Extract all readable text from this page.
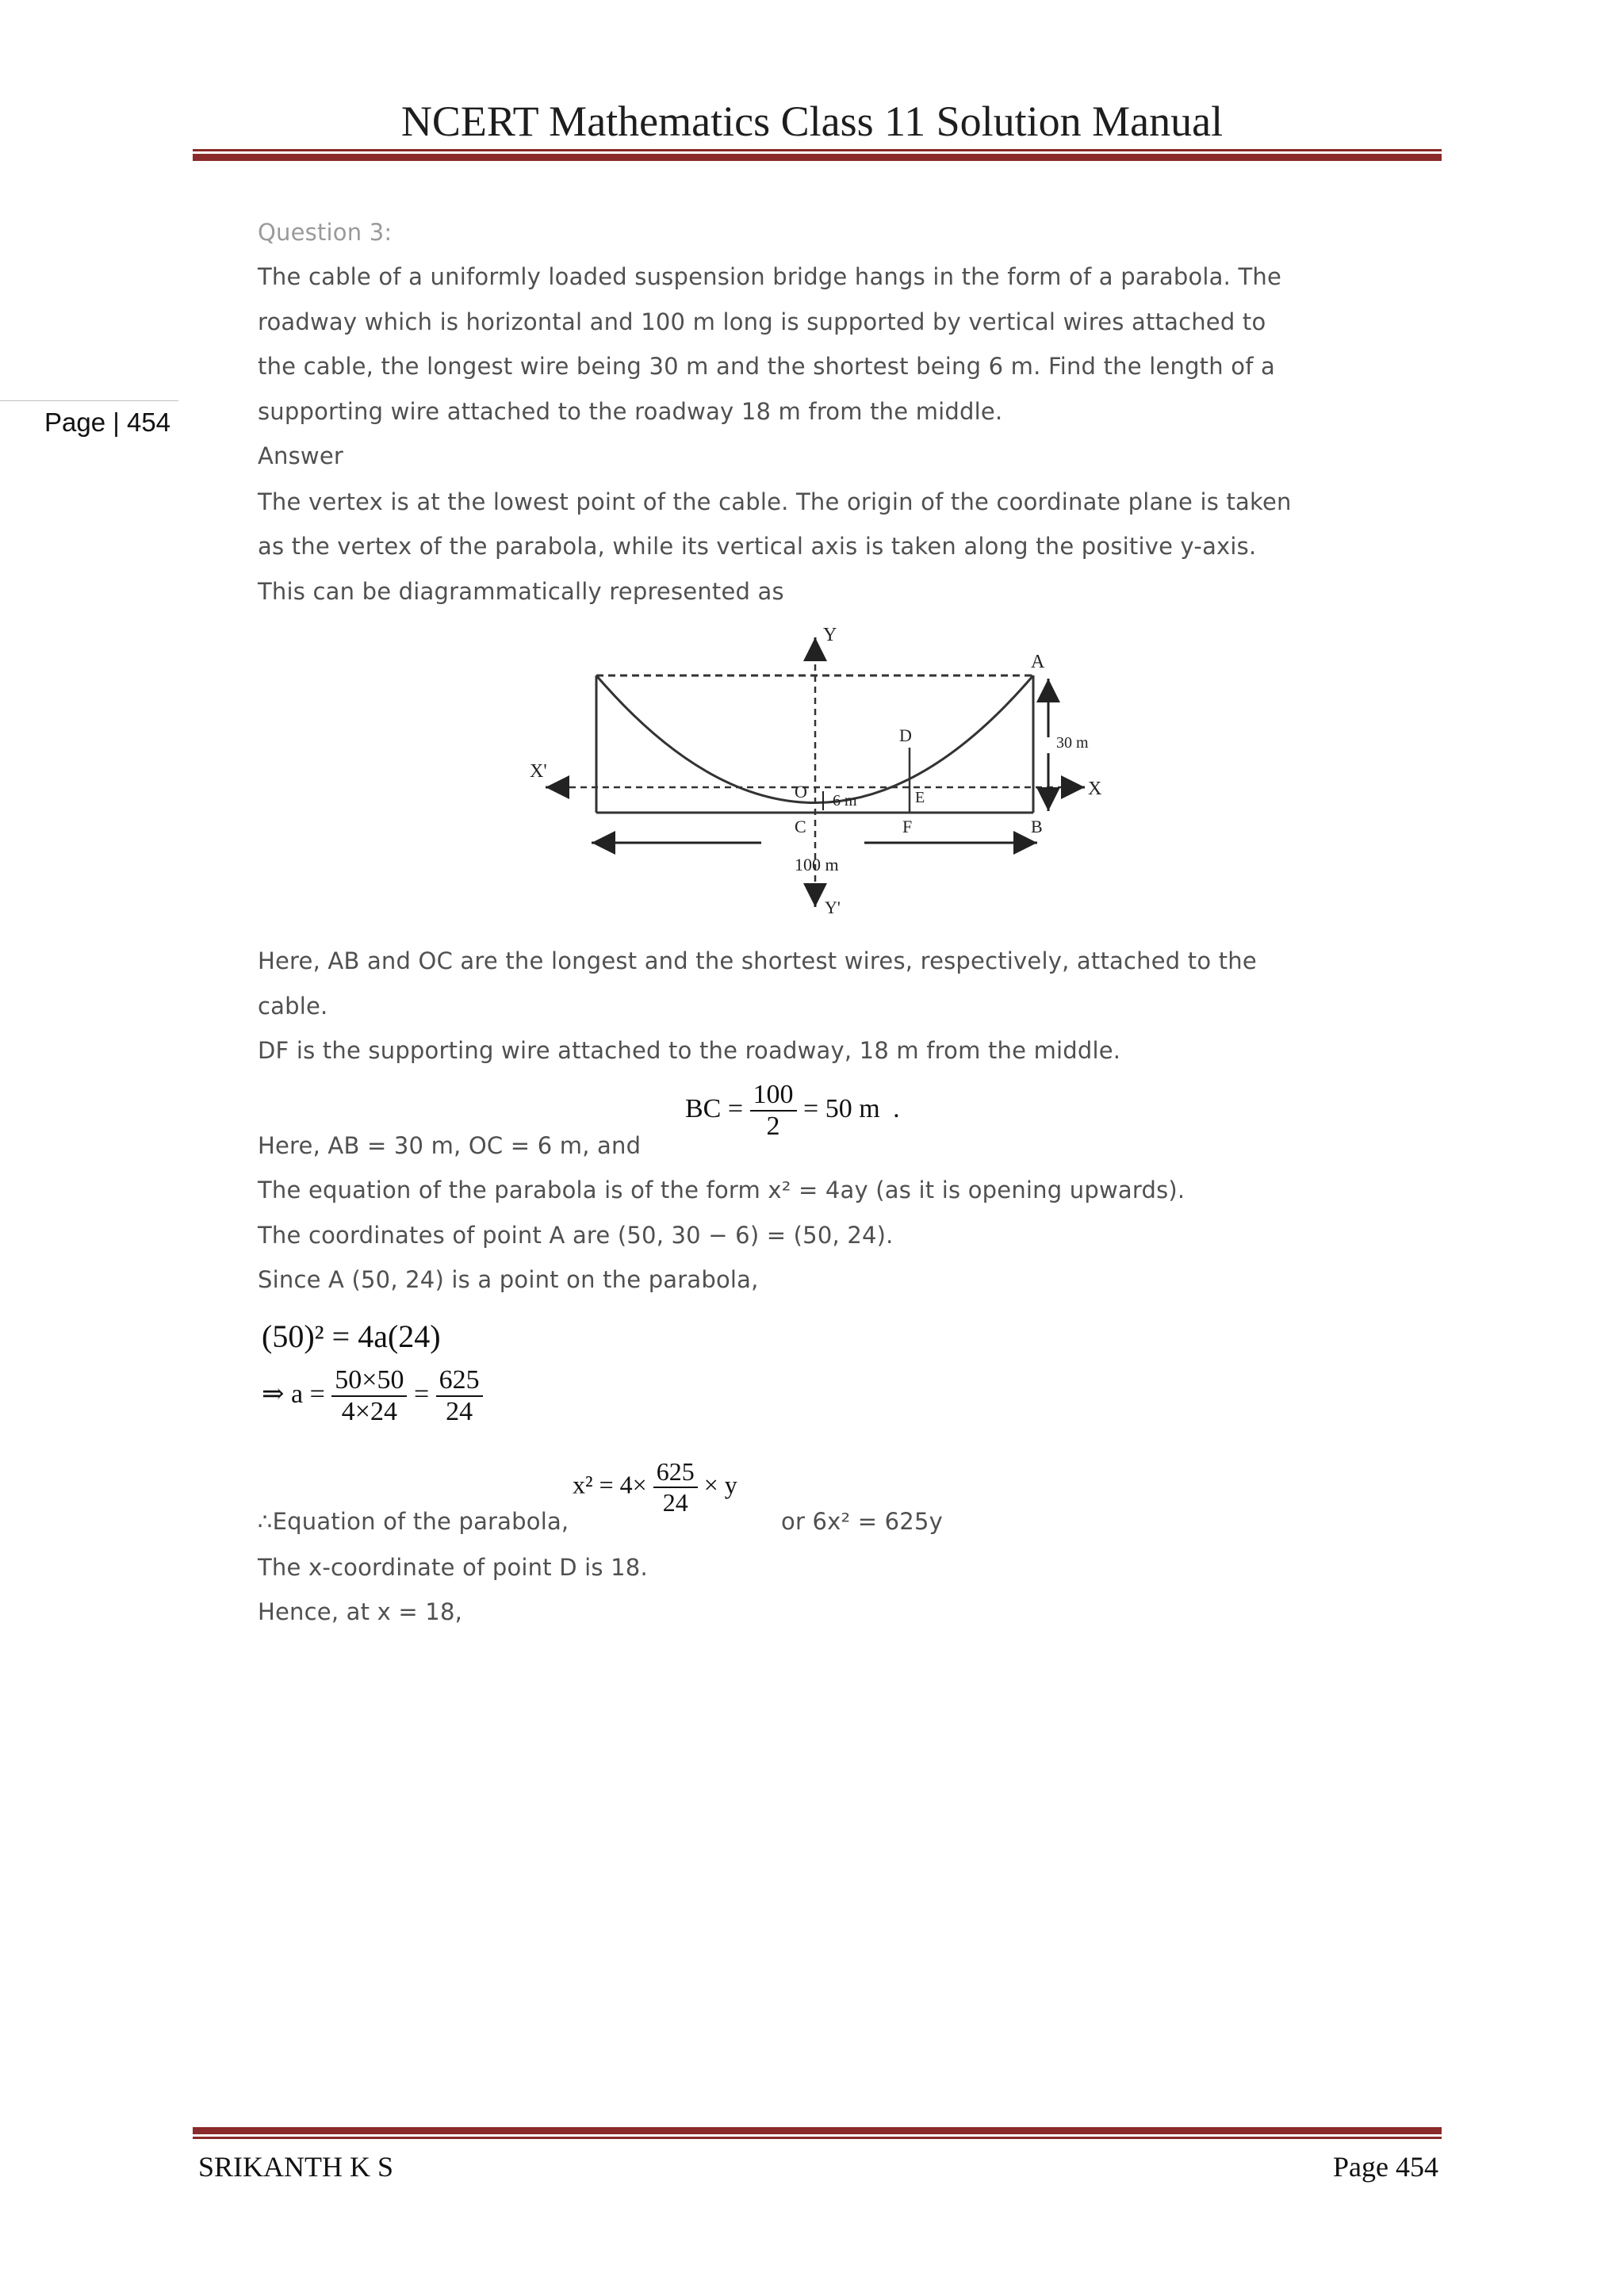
NCERT Mathematics Class 11 Solution Manual
Page | 454
Question 3:
The cable of a uniformly loaded suspension bridge hangs in the form of a parabola. The
roadway which is horizontal and 100 m long is supported by vertical wires attached to
the cable, the longest wire being 30 m and the shortest being 6 m. Find the length of a
supporting wire attached to the roadway 18 m from the middle.
Answer
The vertex is at the lowest point of the cable. The origin of the coordinate plane is taken
as the vertex of the parabola, while its vertical axis is taken along the positive y-axis.
This can be diagrammatically represented as
Y
Y'
X
X'
A
B
C
D
E
F
O
30 m
6 m
100 m
Here, AB and OC are the longest and the shortest wires, respectively, attached to the
cable.
DF is the supporting wire attached to the roadway, 18 m from the middle.
Here, AB = 30 m, OC = 6 m, and
BC = $\frac{100}{2} = 50$ m .
The equation of the parabola is of the form x² = 4ay (as it is opening upwards).
The coordinates of point A are (50, 30 − 6) = (50, 24).
Since A (50, 24) is a point on the parabola,
(50)² = 4a(24)
⇒ $a = \frac{50\times 50}{4\times 24} = \frac{625}{24}$
∴Equation of the parabola,
$x^2 = 4\times \frac{625}{24} \times y$
or 6x² = 625y
The x-coordinate of point D is 18.
Hence, at x = 18,
SRIKANTH K S	Page 454
